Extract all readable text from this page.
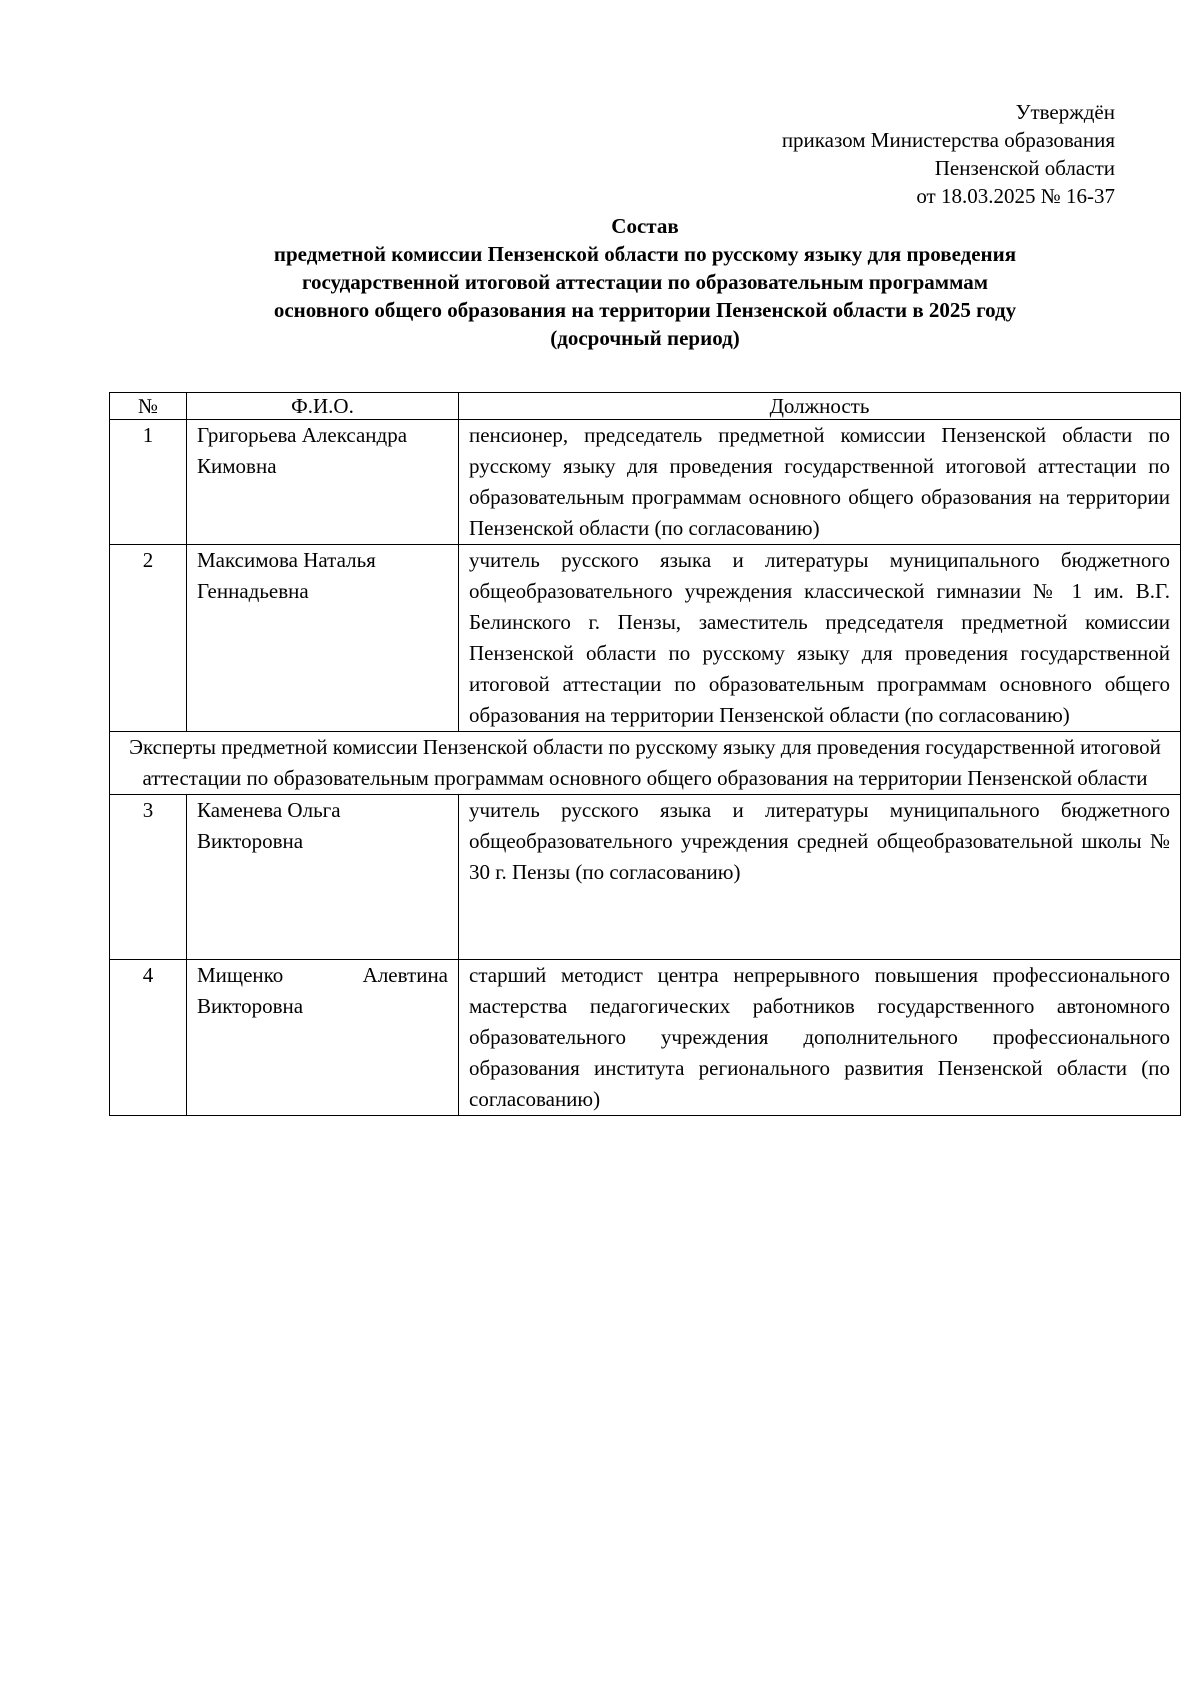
Утверждён
приказом Министерства образования
Пензенской области
от 18.03.2025 № 16-37
Состав
предметной комиссии Пензенской области по русскому языку для проведения
государственной итоговой аттестации по образовательным программам
основного общего образования на территории Пензенской области в 2025 году
(досрочный период)
№	Ф.И.О.	Должность
1	Григорьева Александра Кимовна	пенсионер, председатель предметной комиссии Пензенской области по русскому языку для проведения государственной итоговой аттестации по образовательным программам основного общего образования на территории Пензенской области (по согласованию)
2	Максимова Наталья Геннадьевна	учитель русского языка и литературы муниципального бюджетного общеобразовательного учреждения классической гимназии № 1 им. В.Г. Белинского г. Пензы, заместитель председателя предметной комиссии Пензенской области по русскому языку для проведения государственной итоговой аттестации по образовательным программам основного общего образования на территории Пензенской области (по согласованию)
Эксперты предметной комиссии Пензенской области по русскому языку для проведения государственной итоговой аттестации по образовательным программам основного общего образования на территории Пензенской области		
3	Каменева Ольга Викторовна	учитель русского языка и литературы муниципального бюджетного общеобразовательного учреждения средней общеобразовательной школы № 30 г. Пензы (по согласованию)
4	Мищенко Алевтина Викторовна	старший методист центра непрерывного повышения профессионального мастерства педагогических работников государственного автономного образовательного учреждения дополнительного профессионального образования института регионального развития Пензенской области (по согласованию)
